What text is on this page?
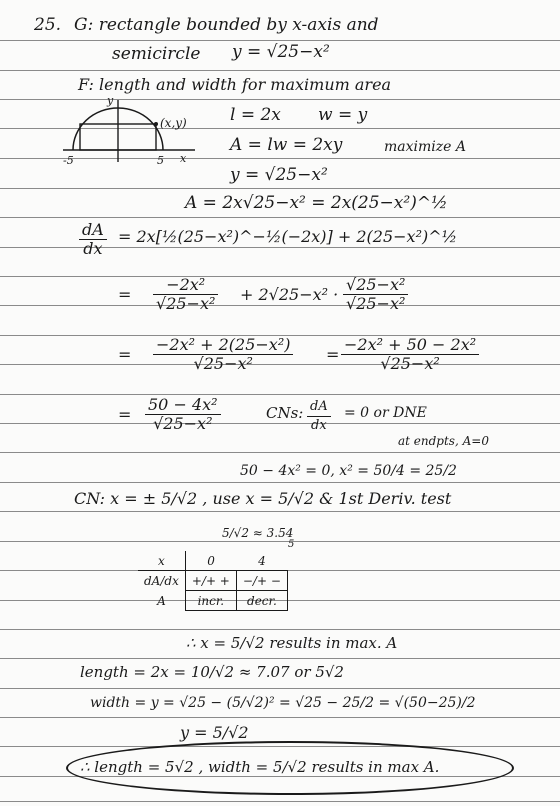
25. G: rectangle bounded by x-axis and
semicircle y = √25−x²
F: length and width for maximum area
y
(x,y)
-5	5 x
l = 2x w = y
A = lw = 2xy	maximize A
y = √25−x²
A = 2x√25−x² = 2x(25−x²)^½
$\frac{dA}{dx}$ = 2x[½(25−x²)^−½(−2x)] + 2(25−x²)^½
= $\frac{\text{−2x²}}{\text{√25−x²}} + 2√25-x^2 \cdot \frac{\text{√25−x²}}{\text{√25−x²}}$
= $\frac{\text{−2x² + 2(25−x²)}}{\text{√25−x²}} = \frac{\text{−2x² + 50 − 2x²}}{\text{√25−x²}}$
= $\frac{\text{50 − 4x²}}{\text{√25−x²}}$	CNs: $\frac{dA}{dx} = 0$ or DNE
at endpts, A=0
50 − 4x² = 0, x² = 50/4 = 25/2
CN: x = ± 5/√2 , use x = 5/√2 & 1st Deriv. test
5/√2 ≈ 3.54
5
x	0	4
dA/dx	+/+ +	−/+ −
A	incr.	decr.
∴ x = 5/√2 results in max. A
length = 2x = 10/√2 ≈ 7.07 or 5√2
width = y = √25 − (5/√2)² = √25 − 25/2 = √(50−25)/2
y = 5/√2
∴ length = 5√2 , width = 5/√2 results in max A.
